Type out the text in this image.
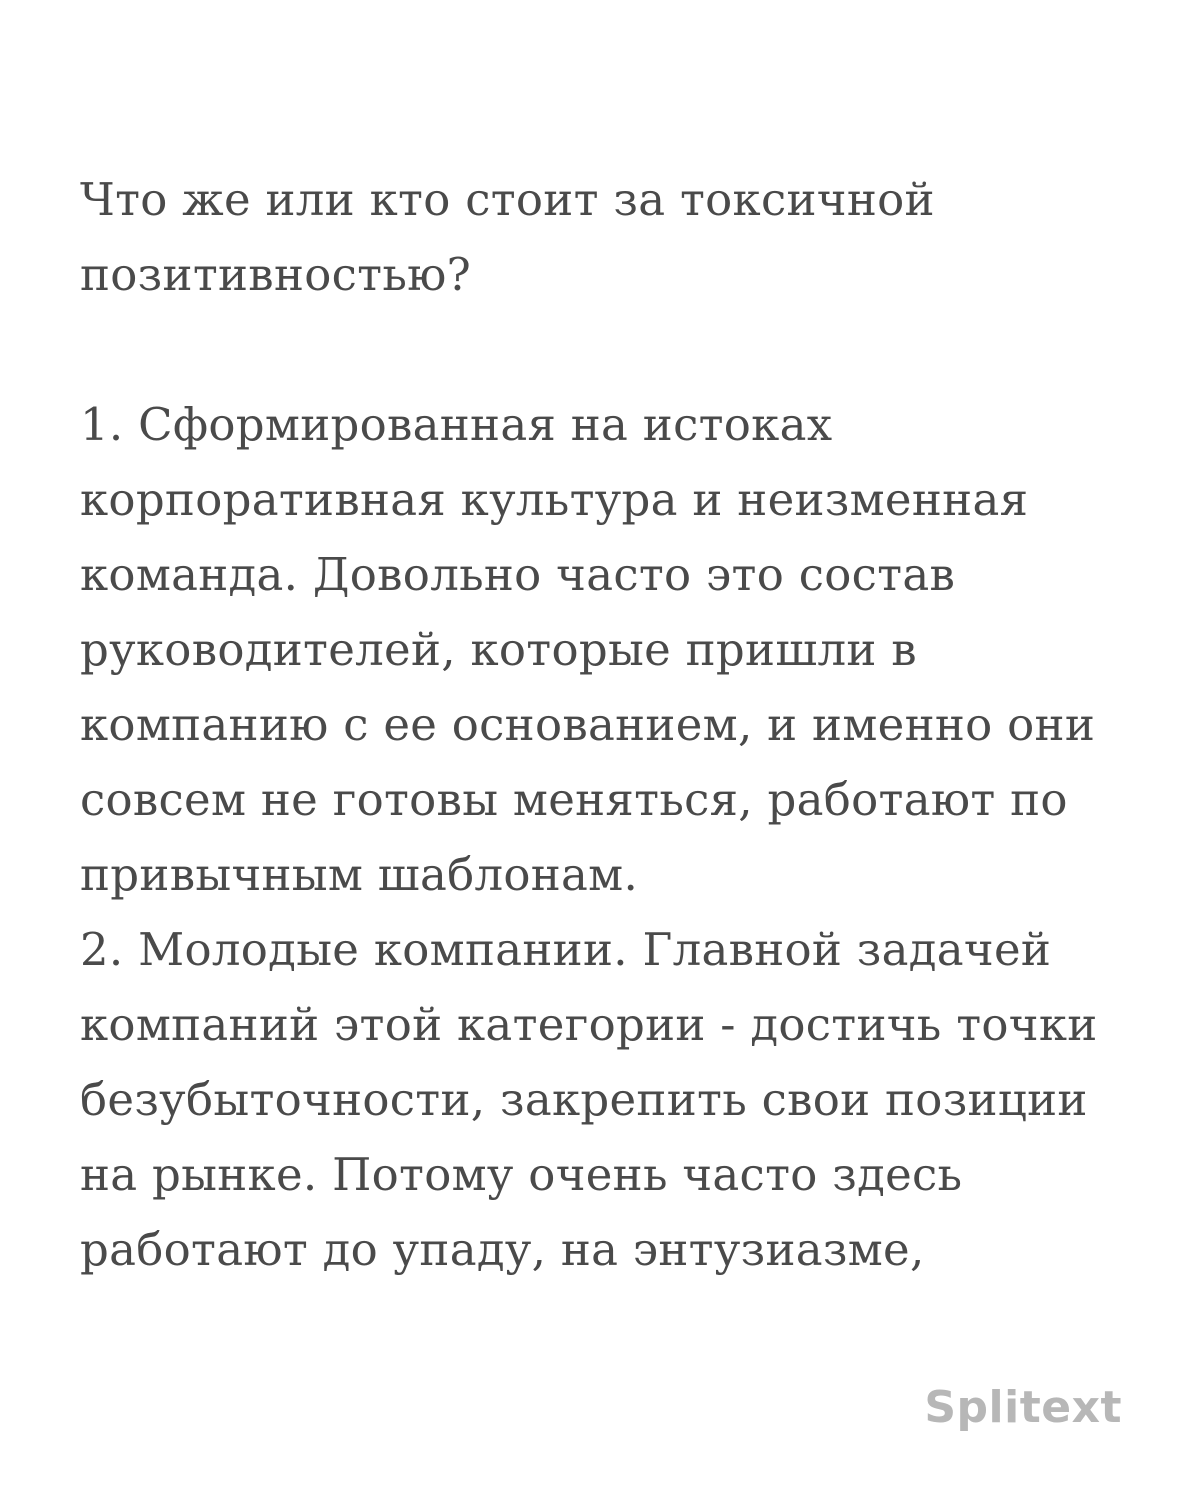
Что же или кто стоит за токсичной
позитивностью?
1. Сформированная на истоках
корпоративная культура и неизменная
команда. Довольно часто это состав
руководителей, которые пришли в
компанию с ее основанием, и именно они
совсем не готовы меняться, работают по
привычным шаблонам.
2. Молодые компании. Главной задачей
компаний этой категории - достичь точки
безубыточности, закрепить свои позиции
на рынке. Потому очень часто здесь
работают до упаду, на энтузиазме,
Splitext
